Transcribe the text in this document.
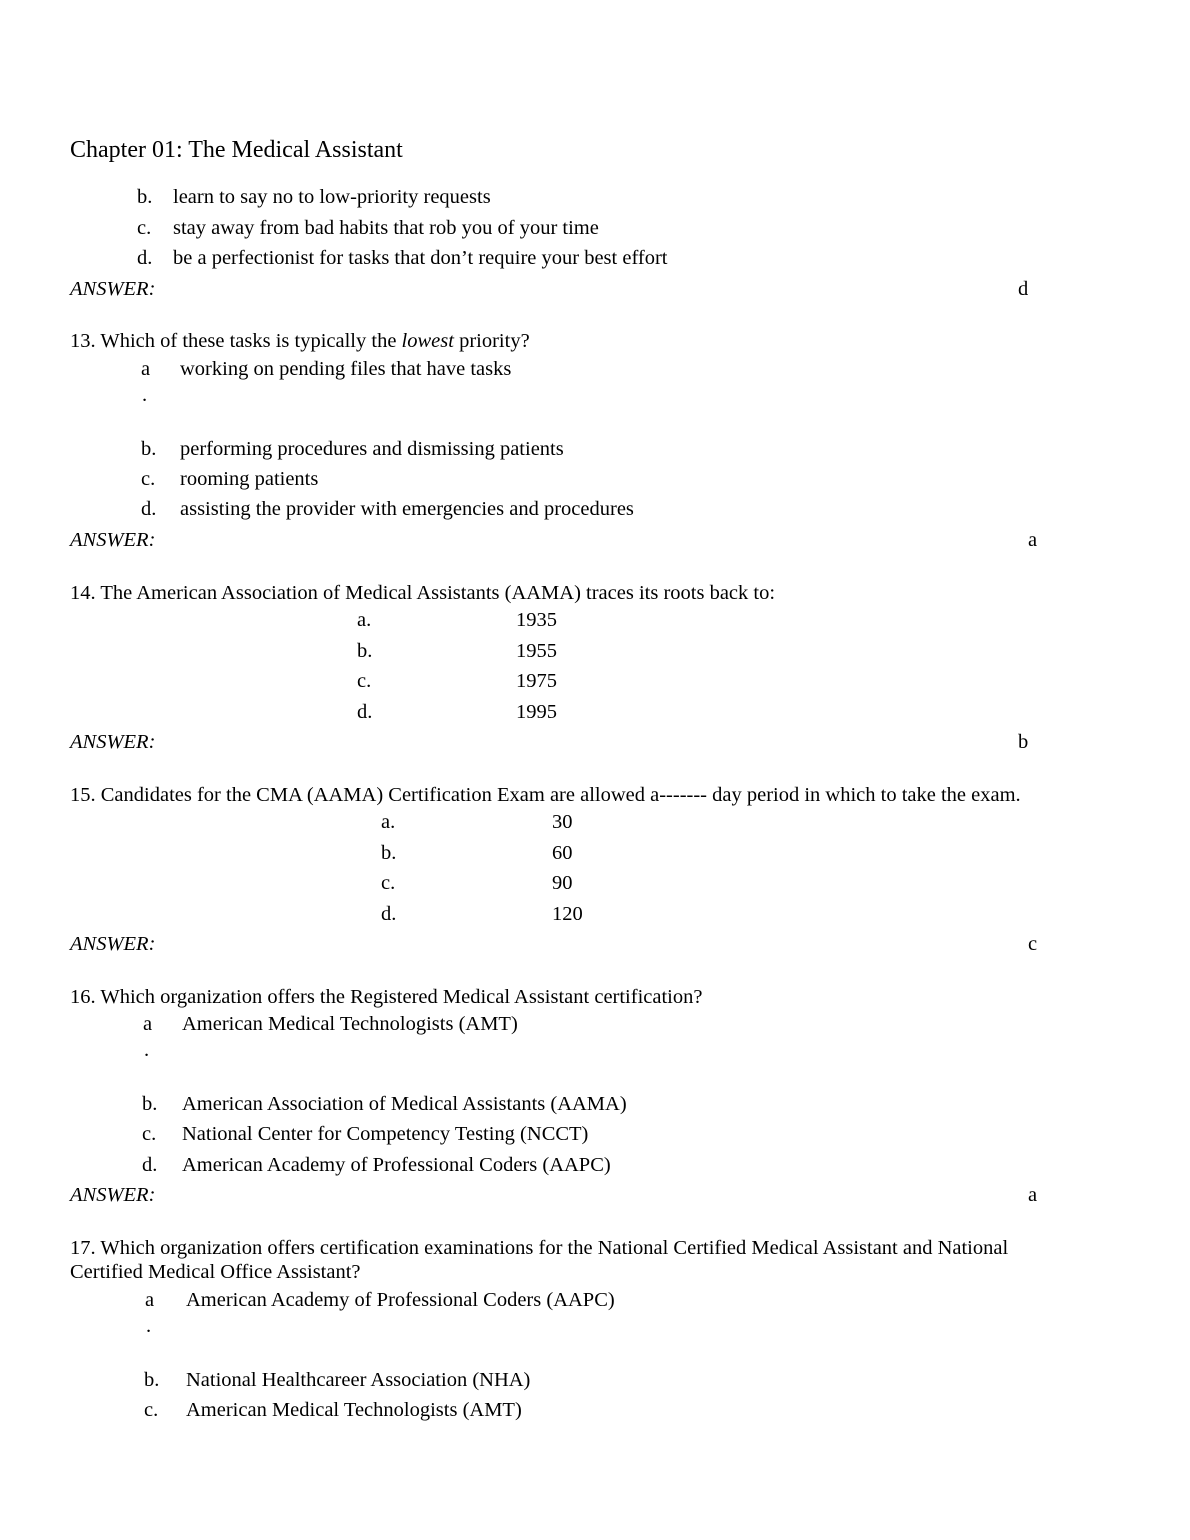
Chapter 01: The Medical Assistant
b. learn to say no to low-priority requests
c. stay away from bad habits that rob you of your time
d. be a perfectionist for tasks that don’t require your best effort
ANSWER:	d
13. Which of these tasks is typically the lowest priority?
a
.
working on pending files that have tasks
b. performing procedures and dismissing patients
c. rooming patients
d. assisting the provider with emergencies and procedures
ANSWER:	a
14. The American Association of Medical Assistants (AAMA) traces its roots back to:
a.	1935
b.	1955
c.	1975
d.	1995
ANSWER:	b
15. Candidates for the CMA (AAMA) Certification Exam are allowed a------- day period in which to take the exam.
a.	30
b.	60
c.	90
d.	120
ANSWER:	c
16. Which organization offers the Registered Medical Assistant certification?
a
.
American Medical Technologists (AMT)
b. American Association of Medical Assistants (AAMA)
c. National Center for Competency Testing (NCCT)
d. American Academy of Professional Coders (AAPC)
ANSWER:	a
17. Which organization offers certification examinations for the National Certified Medical Assistant and National
Certified Medical Office Assistant?
a
.
American Academy of Professional Coders (AAPC)
b. National Healthcareer Association (NHA)
c. American Medical Technologists (AMT)
